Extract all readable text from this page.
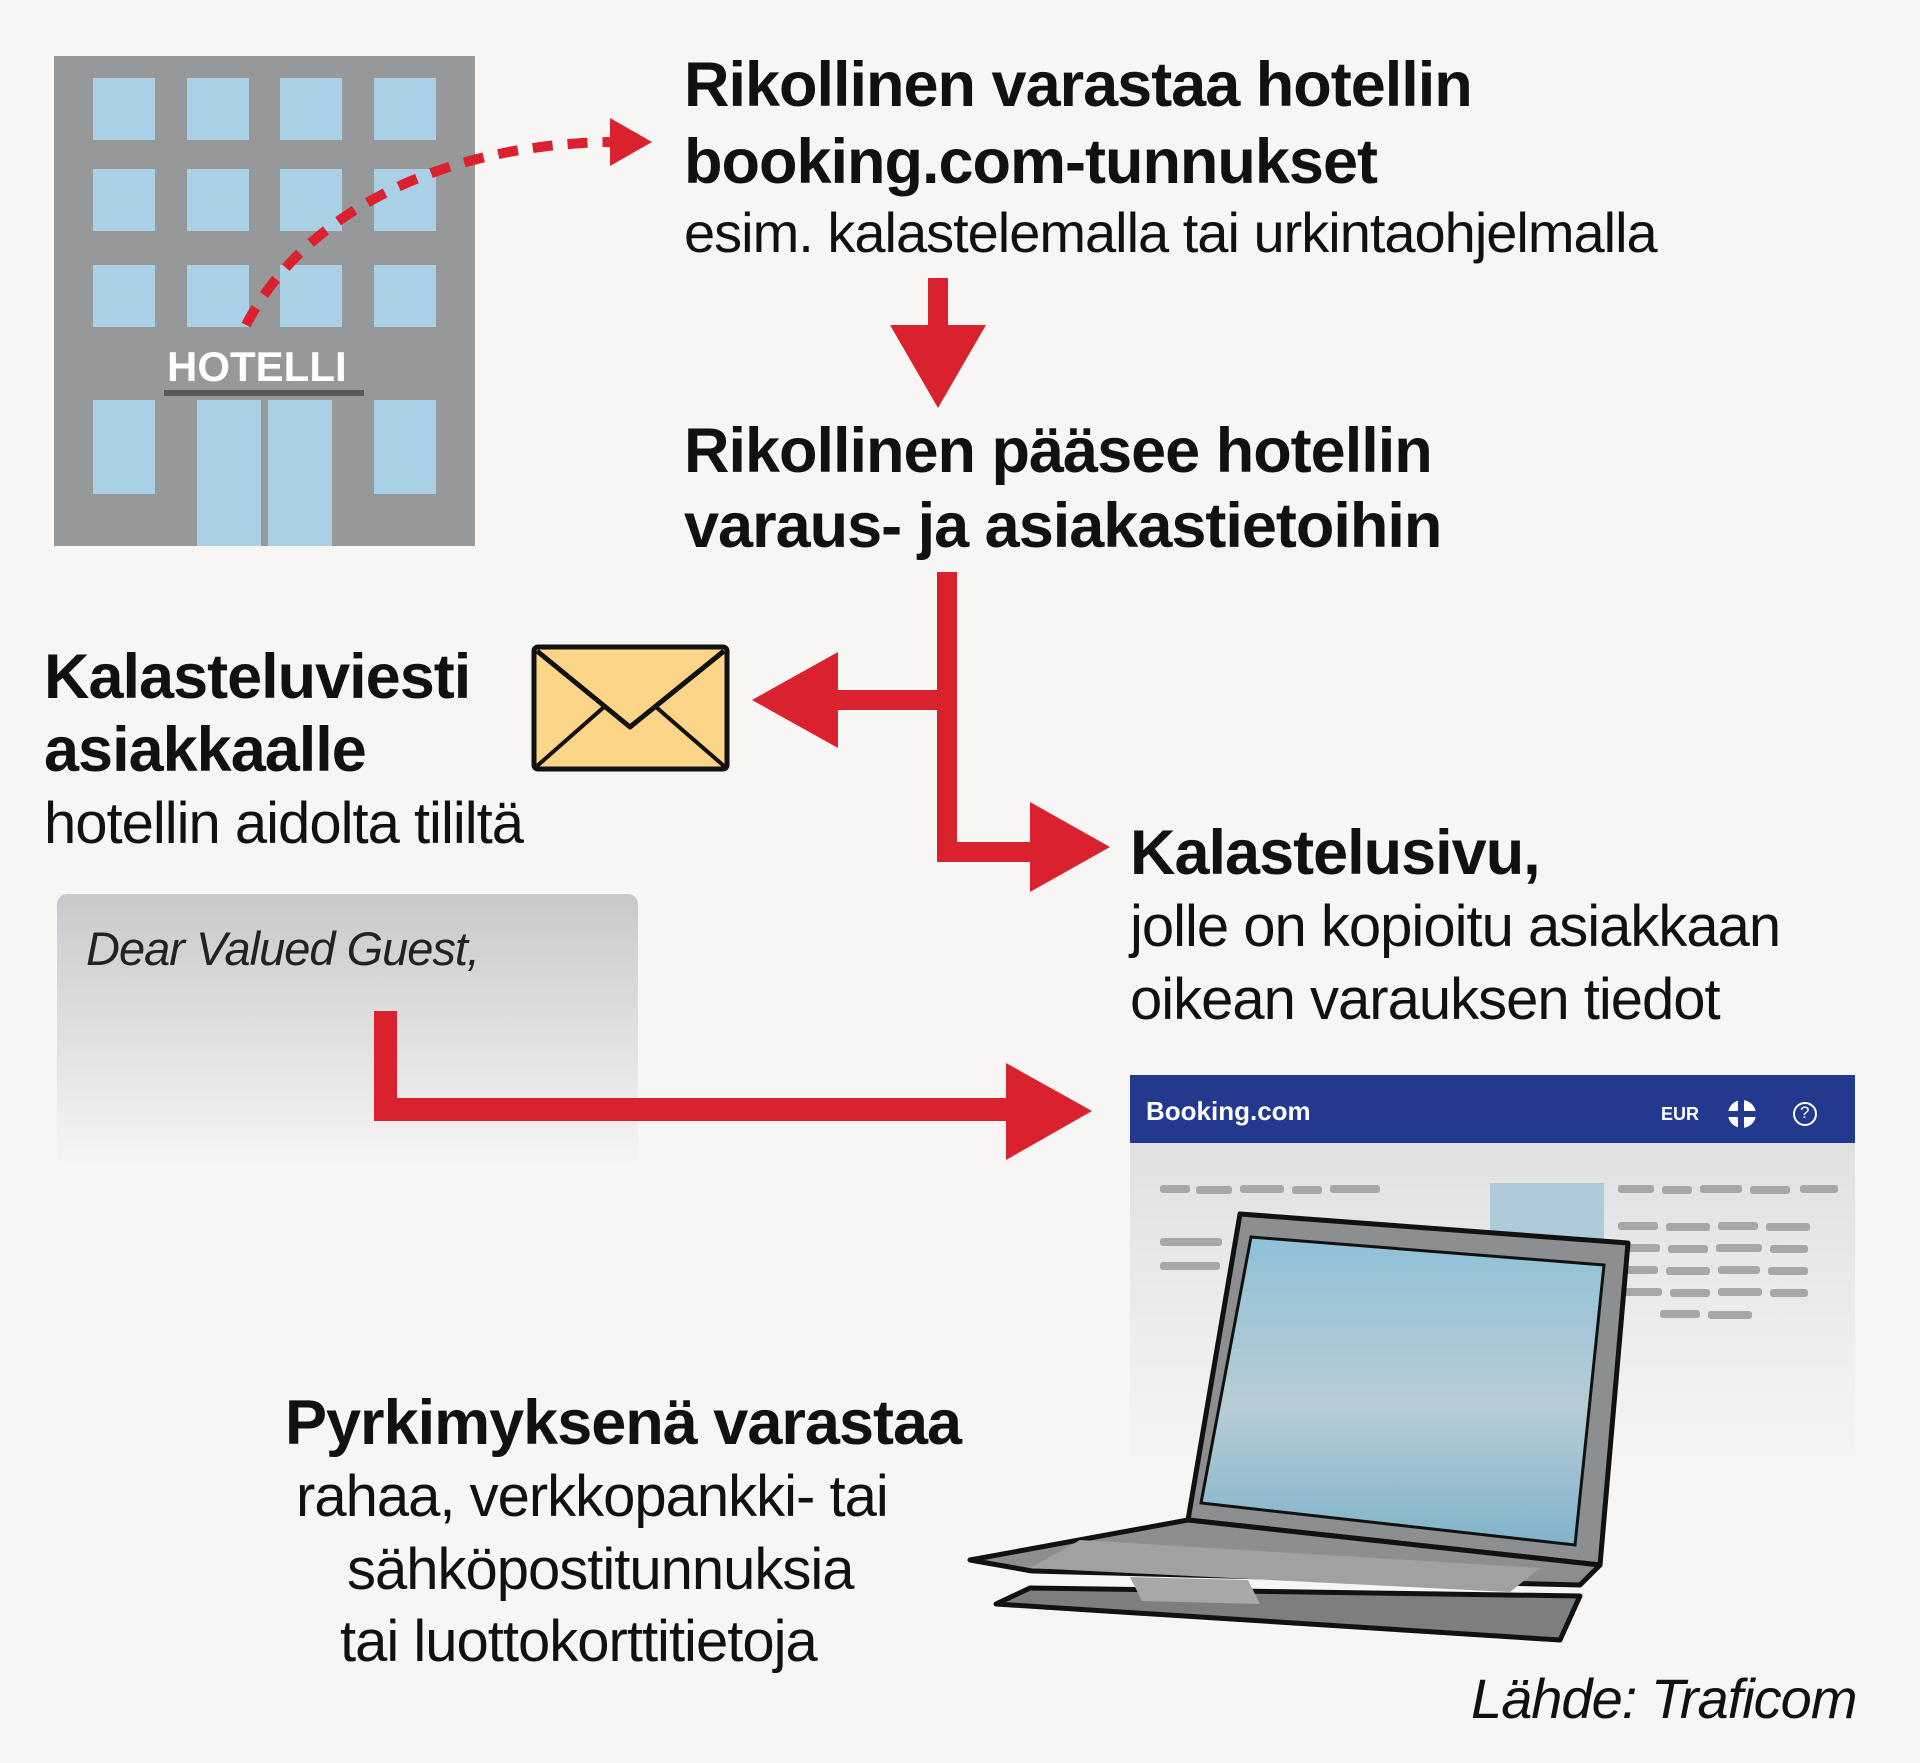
Rikollinen varastaa hotellin
booking.com-tunnukset
esim. kalastelemalla tai urkintaohjelmalla
Rikollinen pääsee hotellin
varaus- ja asiakastietoihin
Kalasteluviesti
asiakkaalle
hotellin aidolta tililtä
Dear Valued Guest,
Kalastelusivu,
jolle on kopioitu asiakkaan
oikean varauksen tiedot
HOTELLI
Booking.com	EUR	?
Pyrkimyksenä varastaa
rahaa, verkkopankki- tai
sähköpostitunnuksia
tai luottokorttitietoja
Lähde: Traficom
